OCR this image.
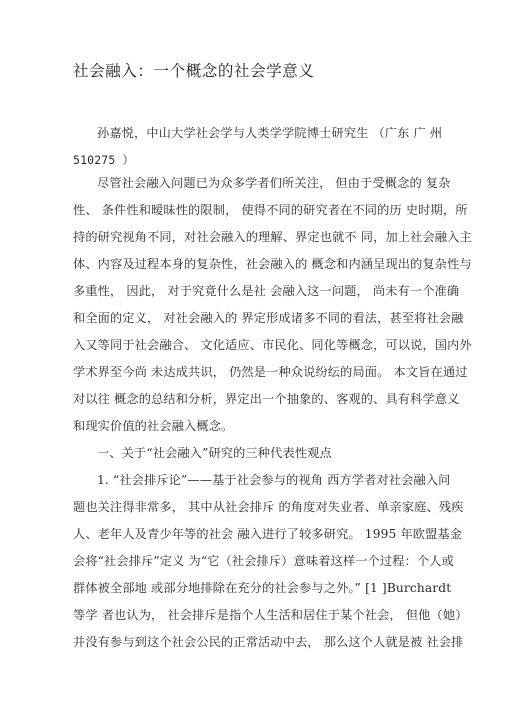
社会融入：一个概念的社会学意义
孙嘉悦，中山大学社会学与人类学学院博士研究生 （广东 广 州
510275 ）
尽管社会融入问题已为众多学者们所关注， 但由于受概念的 复杂
性、 条件性和暧昧性的限制， 使得不同的研究者在不同的历 史时期，所
持的研究视角不同，对社会融入的理解、界定也就不 同，加上社会融入主
体、内容及过程本身的复杂性，社会融入的 概念和内涵呈现出的复杂性与
多重性， 因此， 对于究竟什么是社 会融入这一问题， 尚未有一个准确
和全面的定义， 对社会融入的 界定形成诸多不同的看法，甚至将社会融
入又等同于社会融合、 文化适应、市民化、同化等概念，可以说，国内外
学术界至今尚 未达成共识， 仍然是一种众说纷纭的局面。 本文旨在通过
对以往 概念的总结和分析，界定出一个抽象的、客观的、具有科学意义
和现实价值的社会融入概念。
一、关于“社会融入”研究的三种代表性观点
1. “社会排斥论”——基于社会参与的视角 西方学者对社会融入问
题也关注得非常多， 其中从社会排斥 的角度对失业者、单亲家庭、残疾
人、老年人及青少年等的社会 融入进行了较多研究。 1995 年欧盟基金
会将“社会排斥”定义 为“它（社会排斥）意味着这样一个过程：个人或
群体被全部地 或部分地排除在充分的社会参与之外。” [1 ]Burchardt
等学 者也认为， 社会排斥是指个人生活和居住于某个社会， 但他（她）
并没有参与到这个社会公民的正常活动中去， 那么这个人就是被 社会排
